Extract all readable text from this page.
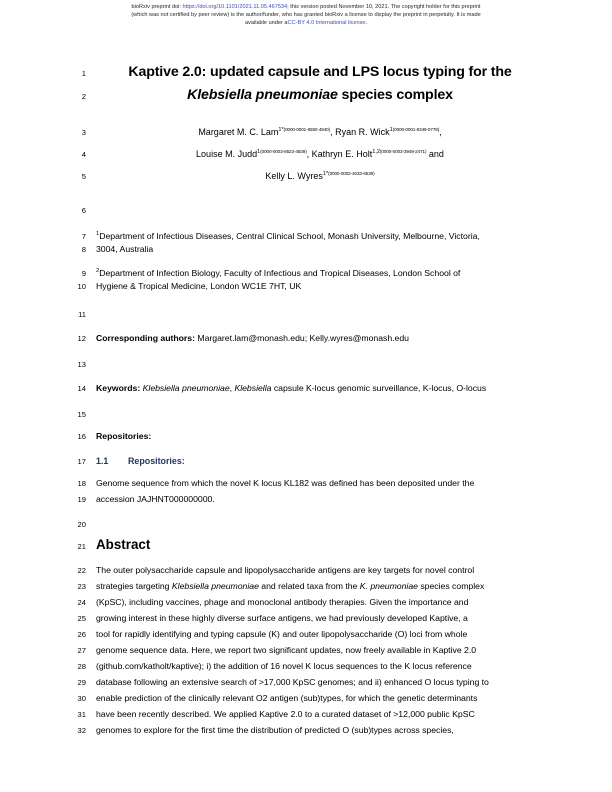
bioRxiv preprint doi: https://doi.org/10.1101/2021.11.05.467534; this version posted November 10, 2021. The copyright holder for this preprint
(which was not certified by peer review) is the author/funder, who has granted bioRxiv a license to display the preprint in perpetuity. It is made
available under aCC-BY 4.0 International license.
1	Kaptive 2.0: updated capsule and LPS locus typing for the
2	Klebsiella pneumoniae species complex
3	Margaret M. C. Lam$^{1*(0000-0001-6550-4840)}$, Ryan R. Wick$^{1(0000-0001-8349-0778)}$,
4	Louise M. Judd$^{1(0000-0003-8623-4839)}$, Kathryn E. Holt$^{1,2(0000-0003-3949-2471)}$ and
5	Kelly L. Wyres$^{1*(0000-0002-4033-6539)}$
6
7	$^1$Department of Infectious Diseases, Central Clinical School, Monash University, Melbourne, Victoria,
8	3004, Australia
9	$^2$Department of Infection Biology, Faculty of Infectious and Tropical Diseases, London School of
10	Hygiene & Tropical Medicine, London WC1E 7HT, UK
11
12	Corresponding authors: Margaret.lam@monash.edu; Kelly.wyres@monash.edu
13
14	Keywords: Klebsiella pneumoniae, Klebsiella capsule K-locus genomic surveillance, K-locus, O-locus
15
16	Repositories:
17	1.1 Repositories:
18	Genome sequence from which the novel K locus KL182 was defined has been deposited under the
19	accession JAJHNT000000000.
20
21 Abstract
22	The outer polysaccharide capsule and lipopolysaccharide antigens are key targets for novel control
23	strategies targeting Klebsiella pneumoniae and related taxa from the K. pneumoniae species complex
24	(KpSC), including vaccines, phage and monoclonal antibody therapies. Given the importance and
25	growing interest in these highly diverse surface antigens, we had previously developed Kaptive, a
26	tool for rapidly identifying and typing capsule (K) and outer lipopolysaccharide (O) loci from whole
27	genome sequence data. Here, we report two significant updates, now freely available in Kaptive 2.0
28	(github.com/katholt/kaptive); i) the addition of 16 novel K locus sequences to the K locus reference
29	database following an extensive search of >17,000 KpSC genomes; and ii) enhanced O locus typing to
30	enable prediction of the clinically relevant O2 antigen (sub)types, for which the genetic determinants
31	have been recently described. We applied Kaptive 2.0 to a curated dataset of >12,000 public KpSC
32	genomes to explore for the first time the distribution of predicted O (sub)types across species,
